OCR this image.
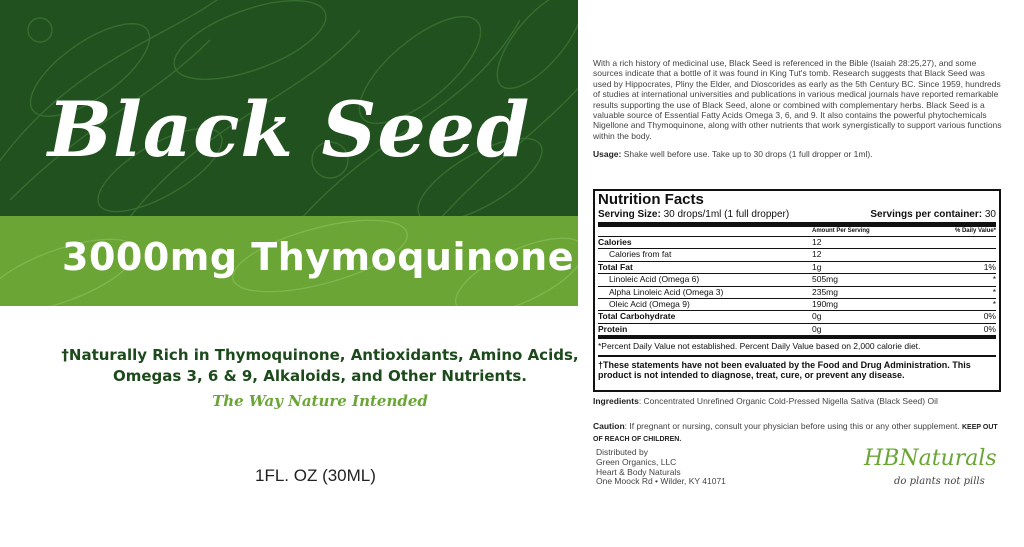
Black Seed
3000mg Thymoquinone
†Naturally Rich in Thymoquinone, Antioxidants, Amino Acids,
Omegas 3, 6 & 9, Alkaloids, and Other Nutrients.
The Way Nature Intended
1FL. OZ (30ML)

With a rich history of medicinal use, Black Seed is referenced in the Bible (Isaiah 28:25,27), and some sources indicate that a bottle of it was found in King Tut's tomb. Research suggests that Black Seed was used by Hippocrates, Pliny the Elder, and Dioscorides as early as the 5th Century BC. Since 1959, hundreds of studies at international universities and publications in various medical journals have reported remarkable results supporting the use of Black Seed, alone or combined with complementary herbs. Black Seed is a valuable source of Essential Fatty Acids Omega 3, 6, and 9. It also contains the powerful phytochemicals Nigellone and Thymoquinone, along with other nutrients that work synergistically to support various functions within the body.

Usage: Shake well before use. Take up to 30 drops (1 full dropper or 1ml).

Nutrition Facts
Serving Size: 30 drops/1ml (1 full dropper)	Servings per container: 30
Amount Per Serving	% Daily Value*
Calories	12
Calories from fat	12
Total Fat	1g	1%
Linoleic Acid (Omega 6)	505mg	*
Alpha Linoleic Acid (Omega 3)	235mg	*
Oleic Acid (Omega 9)	190mg	*
Total Carbohydrate	0g	0%
Protein	0g	0%
*Percent Daily Value not established. Percent Daily Value based on 2,000 calorie diet.
†These statements have not been evaluated by the Food and Drug Administration. This product is not intended to diagnose, treat, cure, or prevent any disease.
Ingredients: Concentrated Unrefined Organic Cold-Pressed Nigella Sativa (Black Seed) Oil
Caution: If pregnant or nursing, consult your physician before using this or any other supplement. KEEP OUT OF REACH OF CHILDREN.
Distributed by
Green Organics, LLC
Heart & Body Naturals
One Moock Rd • Wilder, KY 41071
HBNaturals
do plants not pills
